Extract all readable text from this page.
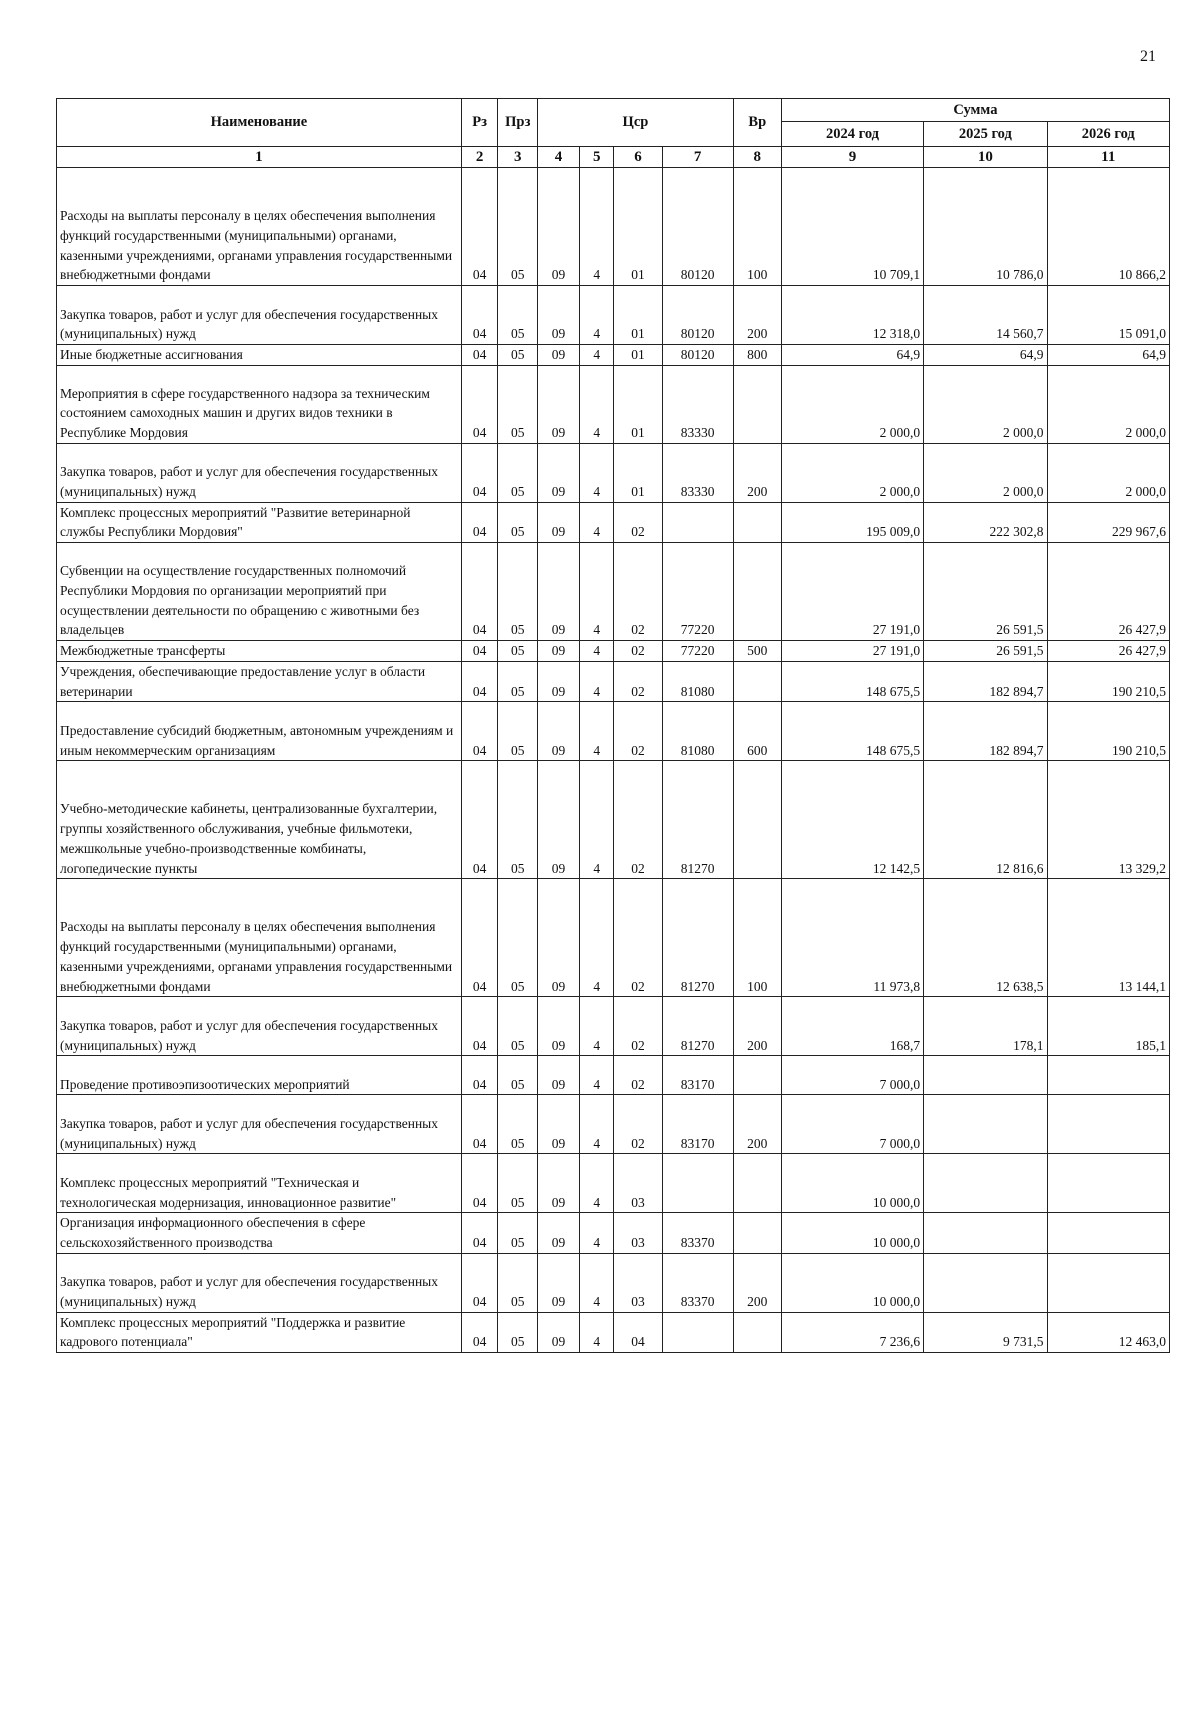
21
Наименование	Рз	Прз	Цср				Вр	Сумма		
								2024 год	2025 год	2026 год
1	2	3	4	5	6	7	8	9	10	11
Расходы на выплаты персоналу в целях обеспечения выполнения функций государственными (муниципальными) органами, казенными учреждениями, органами управления государственными внебюджетными фондами	04	05	09	4	01	80120	100	10 709,1	10 786,0	10 866,2
Закупка товаров, работ и услуг для обеспечения государственных (муниципальных) нужд	04	05	09	4	01	80120	200	12 318,0	14 560,7	15 091,0
Иные бюджетные ассигнования	04	05	09	4	01	80120	800	64,9	64,9	64,9
Мероприятия в сфере государственного надзора за техническим состоянием самоходных машин и других видов техники в Республике Мордовия	04	05	09	4	01	83330		2 000,0	2 000,0	2 000,0
Закупка товаров, работ и услуг для обеспечения государственных (муниципальных) нужд	04	05	09	4	01	83330	200	2 000,0	2 000,0	2 000,0
Комплекс процессных мероприятий "Развитие ветеринарной службы Республики Мордовия"	04	05	09	4	02			195 009,0	222 302,8	229 967,6
Субвенции на осуществление государственных полномочий Республики Мордовия по организации мероприятий при осуществлении деятельности по обращению с животными без владельцев	04	05	09	4	02	77220		27 191,0	26 591,5	26 427,9
Межбюджетные трансферты	04	05	09	4	02	77220	500	27 191,0	26 591,5	26 427,9
Учреждения, обеспечивающие предоставление услуг в области ветеринарии	04	05	09	4	02	81080		148 675,5	182 894,7	190 210,5
Предоставление субсидий бюджетным, автономным учреждениям и иным некоммерческим организациям	04	05	09	4	02	81080	600	148 675,5	182 894,7	190 210,5
Учебно-методические кабинеты, централизованные бухгалтерии, группы хозяйственного обслуживания, учебные фильмотеки, межшкольные учебно-производственные комбинаты, логопедические пункты	04	05	09	4	02	81270		12 142,5	12 816,6	13 329,2
Расходы на выплаты персоналу в целях обеспечения выполнения функций государственными (муниципальными) органами, казенными учреждениями, органами управления государственными внебюджетными фондами	04	05	09	4	02	81270	100	11 973,8	12 638,5	13 144,1
Закупка товаров, работ и услуг для обеспечения государственных (муниципальных) нужд	04	05	09	4	02	81270	200	168,7	178,1	185,1
Проведение противоэпизоотических мероприятий	04	05	09	4	02	83170		7 000,0		
Закупка товаров, работ и услуг для обеспечения государственных (муниципальных) нужд	04	05	09	4	02	83170	200	7 000,0		
Комплекс процессных мероприятий "Техническая и технологическая модернизация, инновационное развитие"	04	05	09	4	03			10 000,0		
Организация информационного обеспечения в сфере сельскохозяйственного производства	04	05	09	4	03	83370		10 000,0		
Закупка товаров, работ и услуг для обеспечения государственных (муниципальных) нужд	04	05	09	4	03	83370	200	10 000,0		
Комплекс процессных мероприятий "Поддержка и развитие кадрового потенциала"	04	05	09	4	04			7 236,6	9 731,5	12 463,0
